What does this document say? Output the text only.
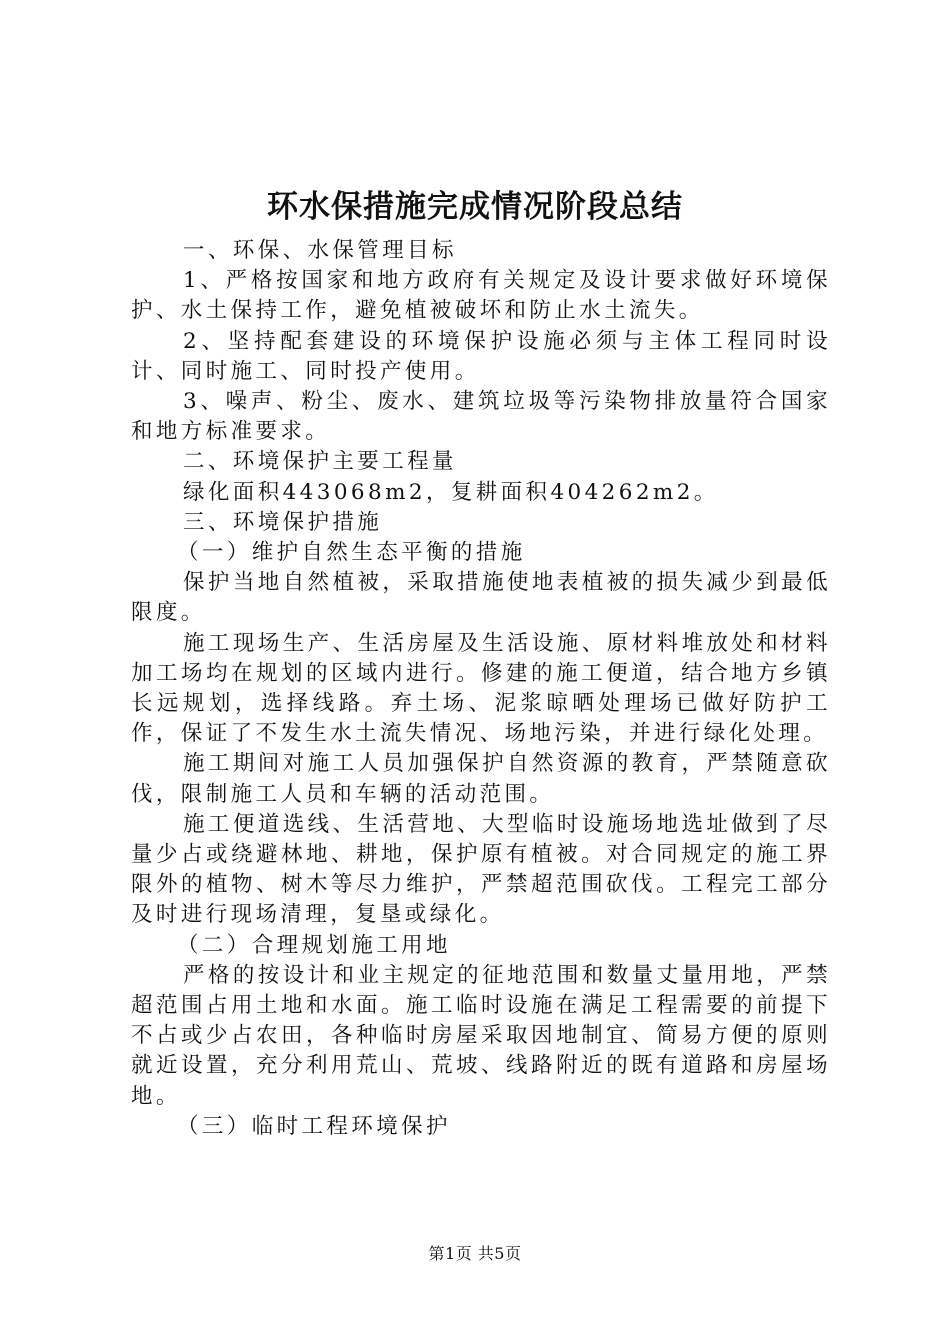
环水保措施完成情况阶段总结

一、环保、水保管理目标

1、严格按国家和地方政府有关规定及设计要求做好环境保护、水土保持工作，避免植被破坏和防止水土流失。

2、坚持配套建设的环境保护设施必须与主体工程同时设计、同时施工、同时投产使用。

3、噪声、粉尘、废水、建筑垃圾等污染物排放量符合国家和地方标准要求。

二、环境保护主要工程量

绿化面积443068m2，复耕面积404262m2。

三、环境保护措施

（一）维护自然生态平衡的措施

保护当地自然植被，采取措施使地表植被的损失减少到最低限度。

施工现场生产、生活房屋及生活设施、原材料堆放处和材料加工场均在规划的区域内进行。修建的施工便道，结合地方乡镇长远规划，选择线路。弃土场、泥浆晾晒处理场已做好防护工作，保证了不发生水土流失情况、场地污染，并进行绿化处理。

施工期间对施工人员加强保护自然资源的教育，严禁随意砍伐，限制施工人员和车辆的活动范围。

施工便道选线、生活营地、大型临时设施场地选址做到了尽量少占或绕避林地、耕地，保护原有植被。对合同规定的施工界限外的植物、树木等尽力维护，严禁超范围砍伐。工程完工部分及时进行现场清理，复垦或绿化。

（二）合理规划施工用地

严格的按设计和业主规定的征地范围和数量丈量用地，严禁超范围占用土地和水面。施工临时设施在满足工程需要的前提下不占或少占农田，各种临时房屋采取因地制宜、简易方便的原则就近设置，充分利用荒山、荒坡、线路附近的既有道路和房屋场地。

（三）临时工程环境保护

第1页 共5页
